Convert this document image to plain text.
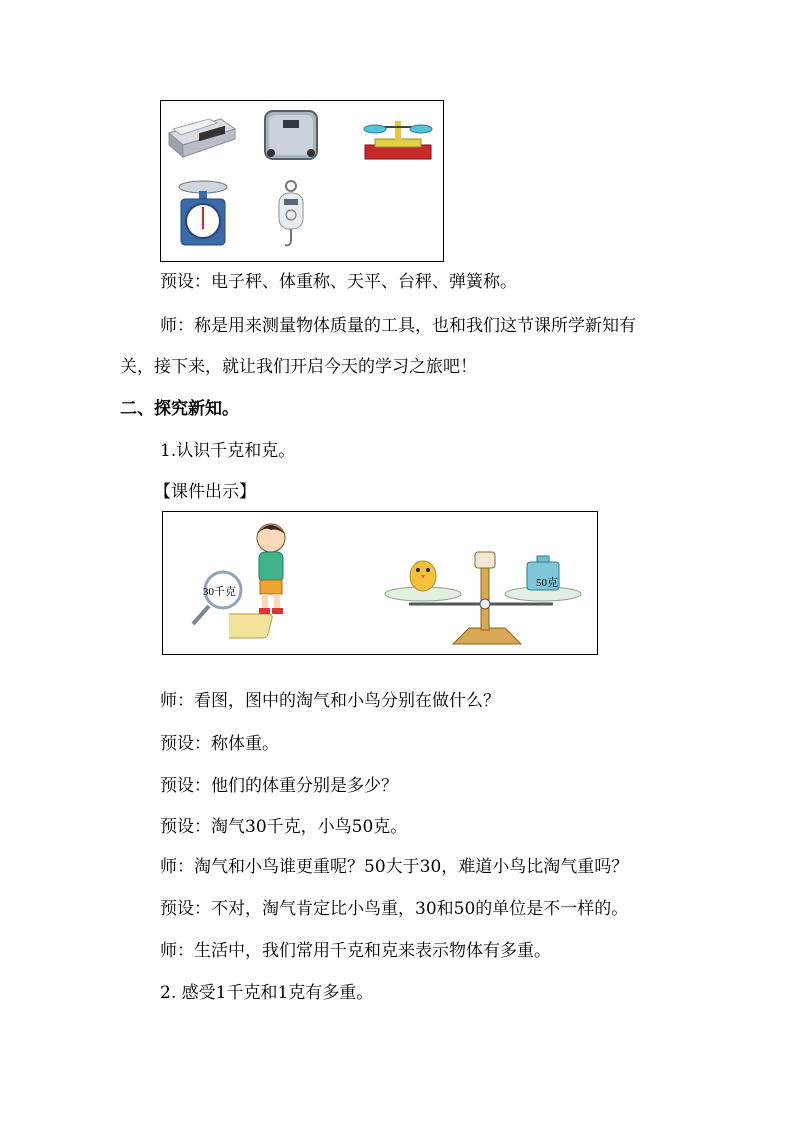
预设：电子秤、体重称、天平、台秤、弹簧称。

师：称是用来测量物体质量的工具，也和我们这节课所学新知有

关，接下来，就让我们开启今天的学习之旅吧！

二、探究新知。

1.认识千克和克。

【课件出示】

30千克
50克

师：看图，图中的淘气和小鸟分别在做什么？

预设：称体重。

预设：他们的体重分别是多少？

预设：淘气30千克，小鸟50克。

师：淘气和小鸟谁更重呢？50大于30，难道小鸟比淘气重吗？

预设：不对，淘气肯定比小鸟重，30和50的单位是不一样的。

师：生活中，我们常用千克和克来表示物体有多重。

2. 感受1千克和1克有多重。
